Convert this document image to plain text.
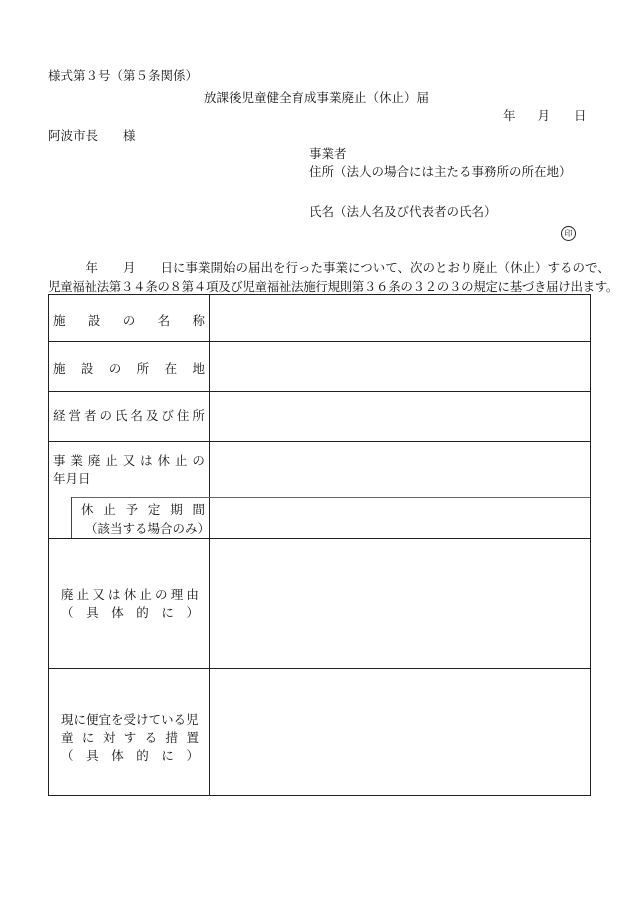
様式第３号（第５条関係）
放課後児童健全育成事業廃止（休止）届
年 月 日
阿波市長　　様
事業者
住所（法人の場合には主たる事務所の所在地）
氏名（法人名及び代表者の氏名）
印
　　　年　　月　　日に事業開始の届出を行った事業について、次のとおり廃止（休止）するので、
児童福祉法第３４条の８第４項及び児童福祉法施行規則第３６条の３２の３の規定に基づき届け出ます。
施 設 の 名 称
施 設 の 所 在 地
経 営 者 の 氏 名 及 び 住 所
事 業 廃 止 又 は 休 止 の
年月日
休 止 予 定 期 間
（該当する場合のみ）
廃 止 又 は 休 止 の 理 由
（ 具 体 的 に ）
現に便宜を受けている児
童 に 対 す る 措 置
（ 具 体 的 に ）
